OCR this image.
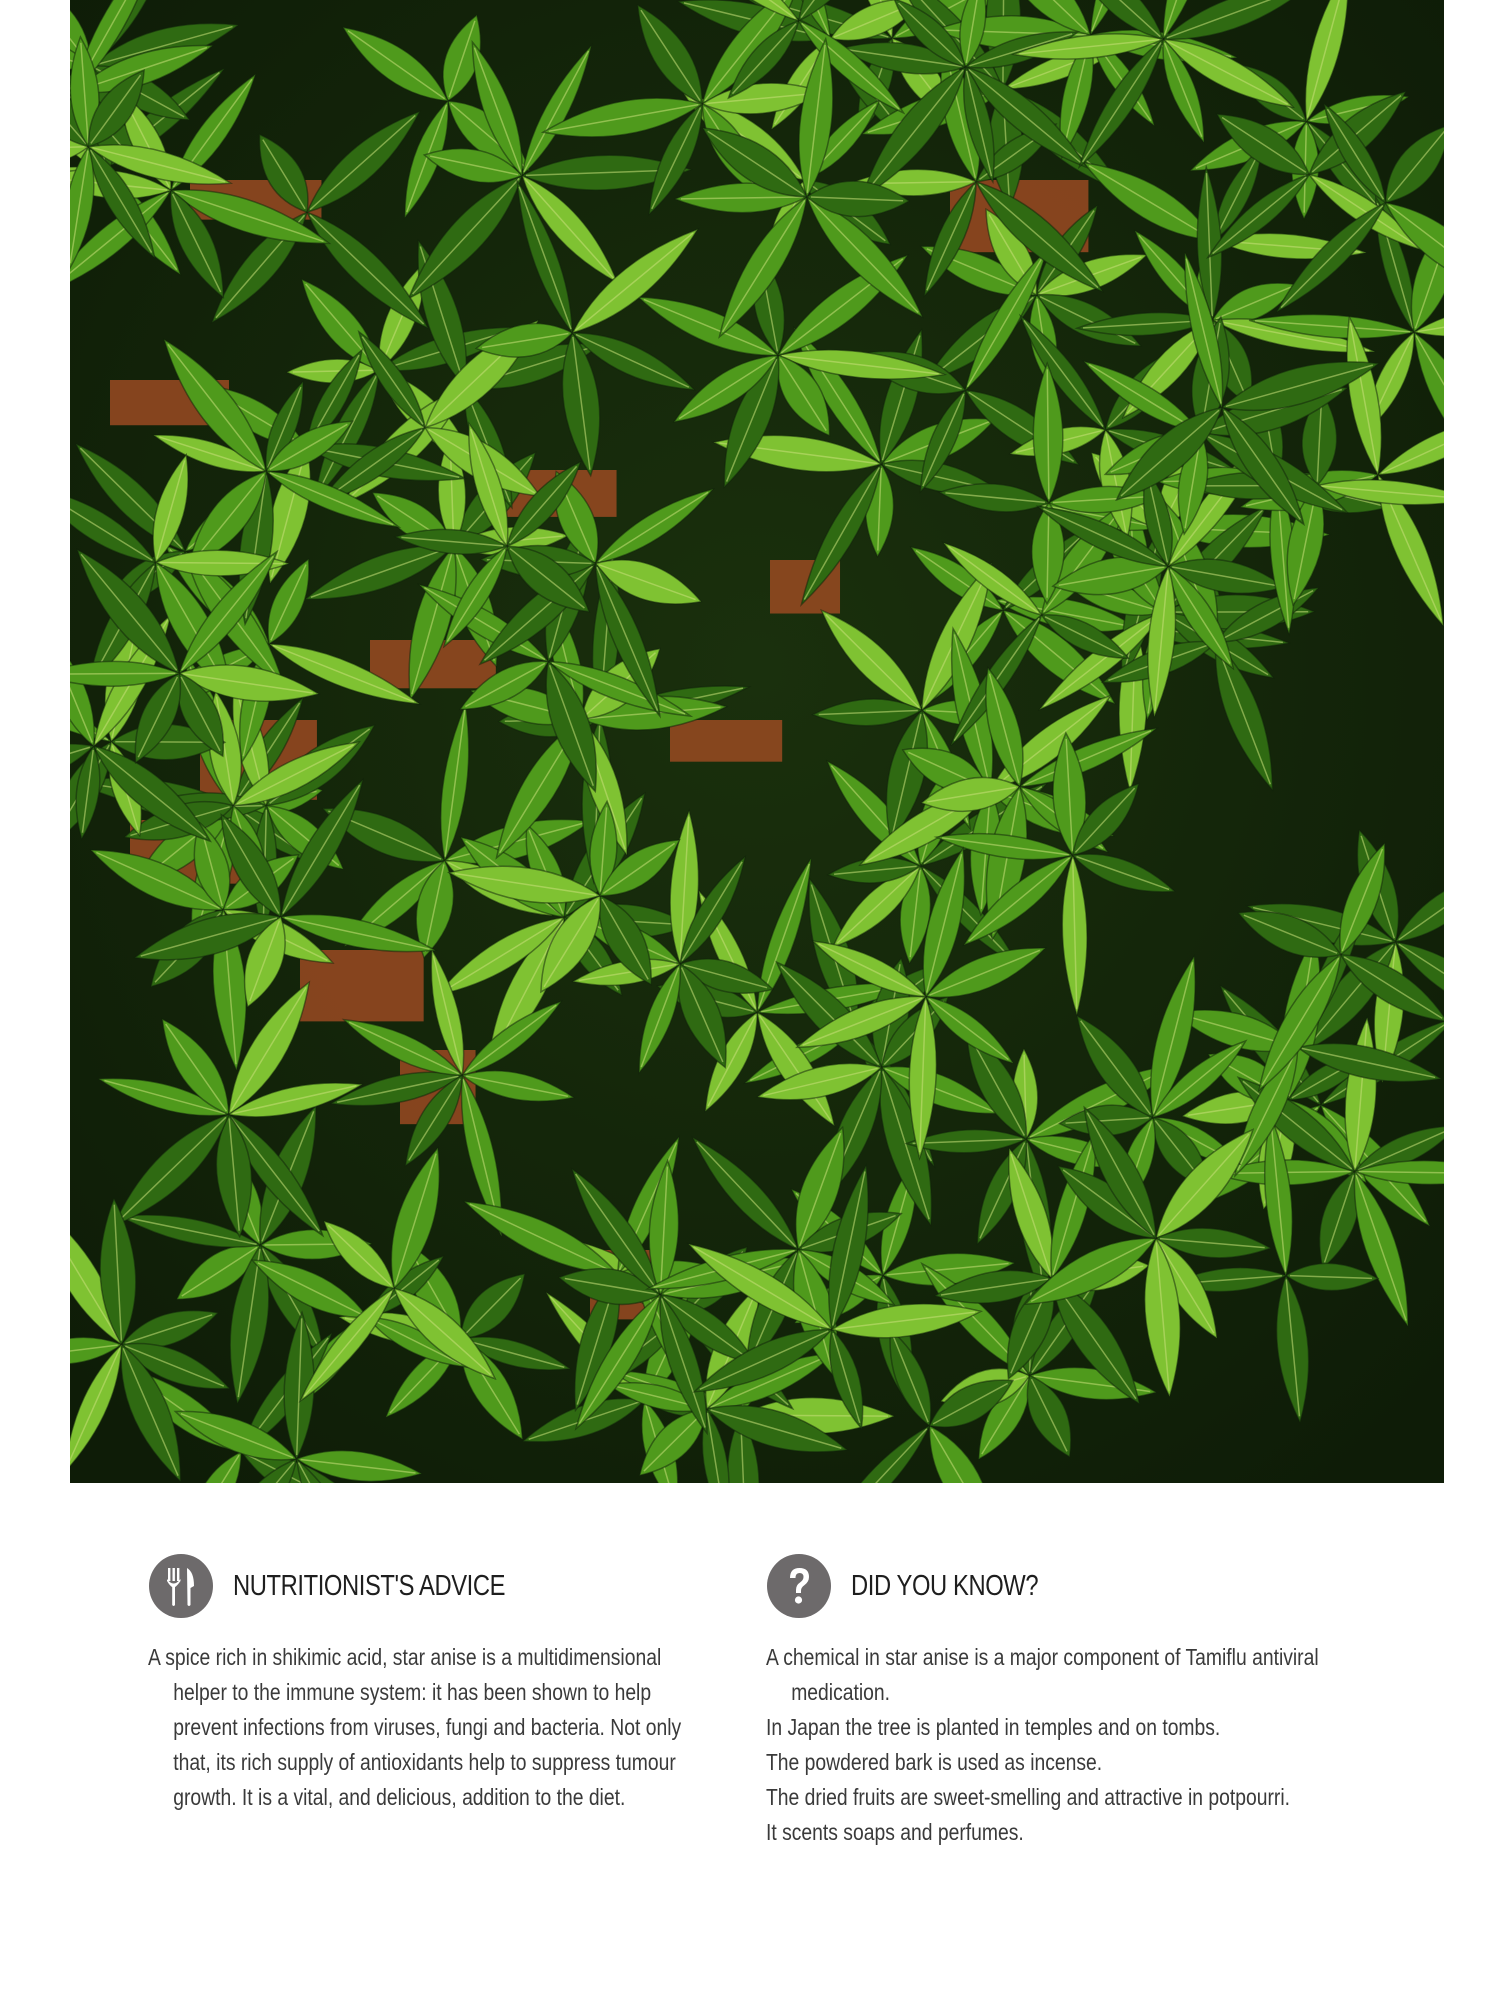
NUTRITIONIST'S ADVICE

A spice rich in shikimic acid, star anise is a multidimensional helper to the immune system: it has been shown to help prevent infections from viruses, fungi and bacteria. Not only that, its rich supply of antioxidants help to suppress tumour growth. It is a vital, and delicious, addition to the diet.

DID YOU KNOW?

A chemical in star anise is a major component of Tamiflu antiviral medication.

In Japan the tree is planted in temples and on tombs.

The powdered bark is used as incense.

The dried fruits are sweet-smelling and attractive in potpourri.

It scents soaps and perfumes.
